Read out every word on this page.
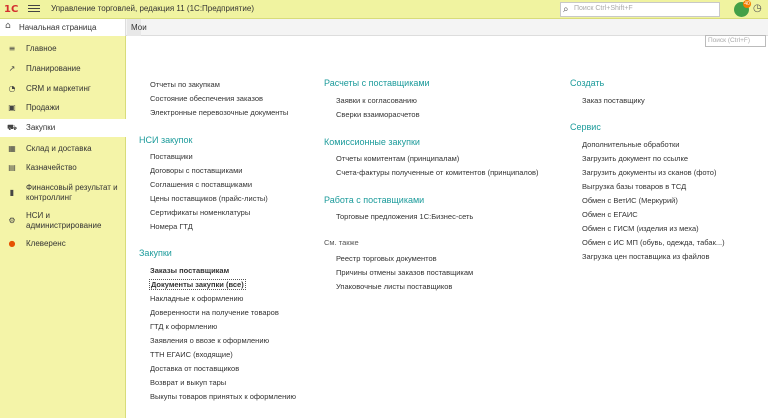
1С	Управление торговлей, редакция 11 (1С:Предприятие)	⌕ Поиск Ctrl+Shift+F
40 ◷
⌂ Начальная страница	Мои
≡ Главное
↗ Планирование
◔ CRM и маркетинг
▣ Продажи
⛟ Закупки
▦ Склад и доставка
▤ Казначейство
▮
Финансовый результат и
контроллинг
⚙
НСИ и
администрирование
● Клеверенс
Поиск (Ctrl+F)
Отчеты по закупкам
Состояние обеспечения заказов
Электронные перевозочные документы
НСИ закупок
Поставщики
Договоры с поставщиками
Соглашения с поставщиками
Цены поставщиков (прайс-листы)
Сертификаты номенклатуры
Номера ГТД
Закупки
Заказы поставщикам
Документы закупки (все)
Накладные к оформлению
Доверенности на получение товаров
ГТД к оформлению
Заявления о ввозе к оформлению
ТТН ЕГАИС (входящие)
Доставка от поставщиков
Возврат и выкуп тары
Выкупы товаров принятых к оформлению
Расчеты с поставщиками
Заявки к согласованию
Сверки взаиморасчетов
Комиссионные закупки
Отчеты комитентам (принципалам)
Счета-фактуры полученные от комитентов (принципалов)
Работа с поставщиками
Торговые предложения 1С:Бизнес-сеть
См. также
Реестр торговых документов
Причины отмены заказов поставщикам
Упаковочные листы поставщиков
Создать
Заказ поставщику
Сервис
Дополнительные обработки
Загрузить документ по ссылке
Загрузить документы из сканов (фото)
Выгрузка базы товаров в ТСД
Обмен с ВетИС (Меркурий)
Обмен с ЕГАИС
Обмен с ГИСМ (изделия из меха)
Обмен с ИС МП (обувь, одежда, табак...)
Загрузка цен поставщика из файлов
